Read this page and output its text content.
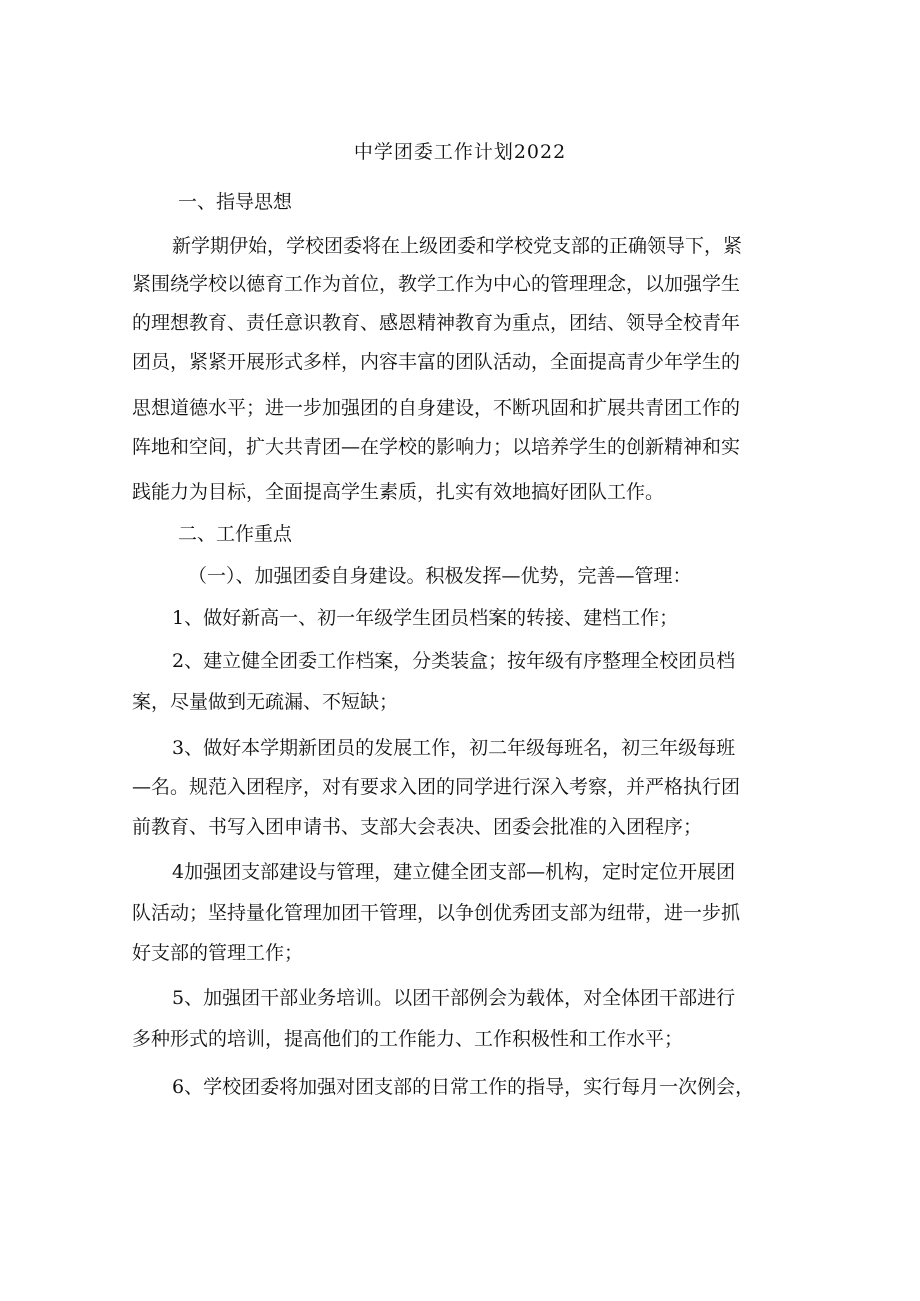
中学团委工作计划2022

一、指导思想

新学期伊始，学校团委将在上级团委和学校党支部的正确领导下，紧

紧围绕学校以德育工作为首位，教学工作为中心的管理理念，以加强学生

的理想教育、责任意识教育、感恩精神教育为重点，团结、领导全校青年

团员，紧紧开展形式多样，内容丰富的团队活动，全面提高青少年学生的

思想道德水平；进一步加强团的自身建设，不断巩固和扩展共青团工作的

阵地和空间，扩大共青团—在学校的影响力；以培养学生的创新精神和实

践能力为目标，全面提高学生素质，扎实有效地搞好团队工作。

二、工作重点

（一）、加强团委自身建设。积极发挥—优势，完善—管理：

1、做好新高一、初一年级学生团员档案的转接、建档工作；

2、建立健全团委工作档案，分类装盒；按年级有序整理全校团员档

案，尽量做到无疏漏、不短缺；

3、做好本学期新团员的发展工作，初二年级每班名，初三年级每班

—名。规范入团程序，对有要求入团的同学进行深入考察，并严格执行团

前教育、书写入团申请书、支部大会表决、团委会批准的入团程序；

4加强团支部建设与管理，建立健全团支部—机构，定时定位开展团

队活动；坚持量化管理加团干管理，以争创优秀团支部为纽带，进一步抓

好支部的管理工作；

5、加强团干部业务培训。以团干部例会为载体，对全体团干部进行

多种形式的培训，提高他们的工作能力、工作积极性和工作水平；

6、学校团委将加强对团支部的日常工作的指导，实行每月一次例会，
